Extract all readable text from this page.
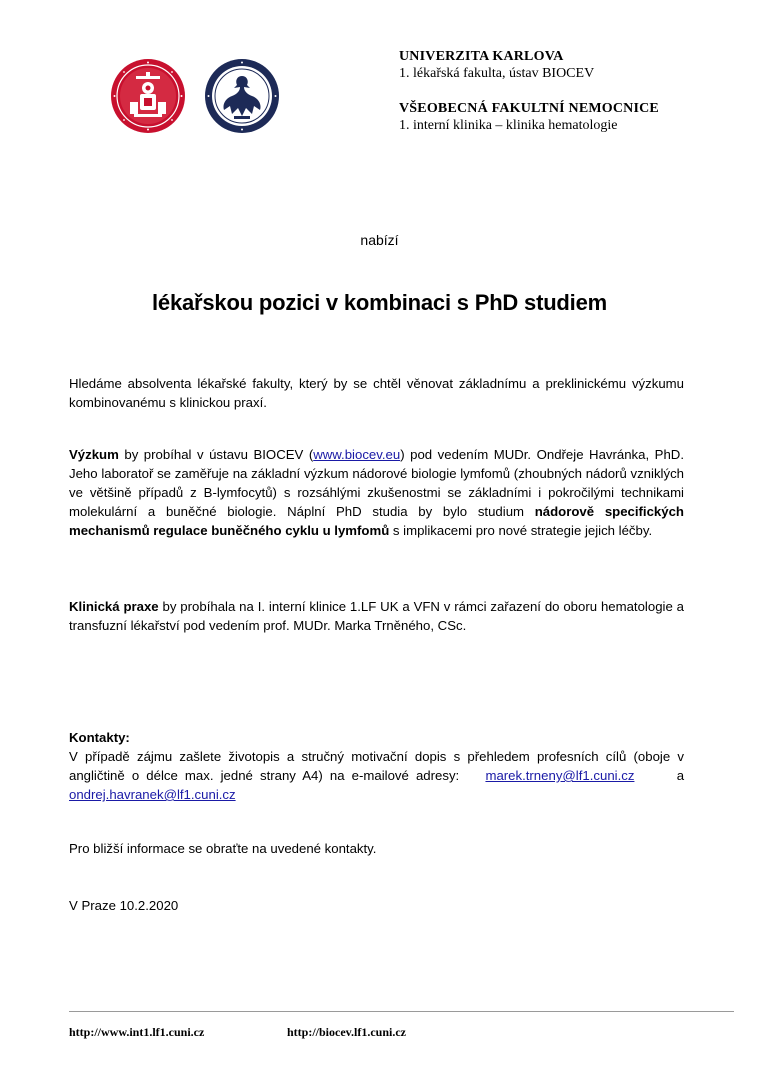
UNIVERZITA KARLOVA
1. lékařská fakulta, ústav BIOCEV
VŠEOBECNÁ FAKULTNÍ NEMOCNICE
1. interní klinika – klinika hematologie
nabízí
lékařskou pozici v kombinaci s PhD studiem
Hledáme absolventa lékařské fakulty, který by se chtěl věnovat základnímu a preklinickému výzkumu kombinovanému s klinickou praxí.
Výzkum by probíhal v ústavu BIOCEV (www.biocev.eu) pod vedením MUDr. Ondřeje Havránka, PhD. Jeho laboratoř se zaměřuje na základní výzkum nádorové biologie lymfomů (zhoubných nádorů vzniklých ve většině případů z B-lymfocytů) s rozsáhlými zkušenostmi se základními i pokročilými technikami molekulární a buněčné biologie. Náplní PhD studia by bylo studium nádorově specifických mechanismů regulace buněčného cyklu u lymfomů s implikacemi pro nové strategie jejich léčby.
Klinická praxe by probíhala na I. interní klinice 1.LF UK a VFN v rámci zařazení do oboru hematologie a transfuzní lékařství pod vedením prof. MUDr. Marka Trněného, CSc.
Kontakty:
V případě zájmu zašlete životopis a stručný motivační dopis s přehledem profesních cílů (oboje v angličtině o délce max. jedné strany A4) na e-mailové adresy: marek.trneny@lf1.cuni.cz	a ondrej.havranek@lf1.cuni.cz
Pro bližší informace se obraťte na uvedené kontakty.
V Praze 10.2.2020
http://www.int1.lf1.cuni.cz	http://biocev.lf1.cuni.cz
